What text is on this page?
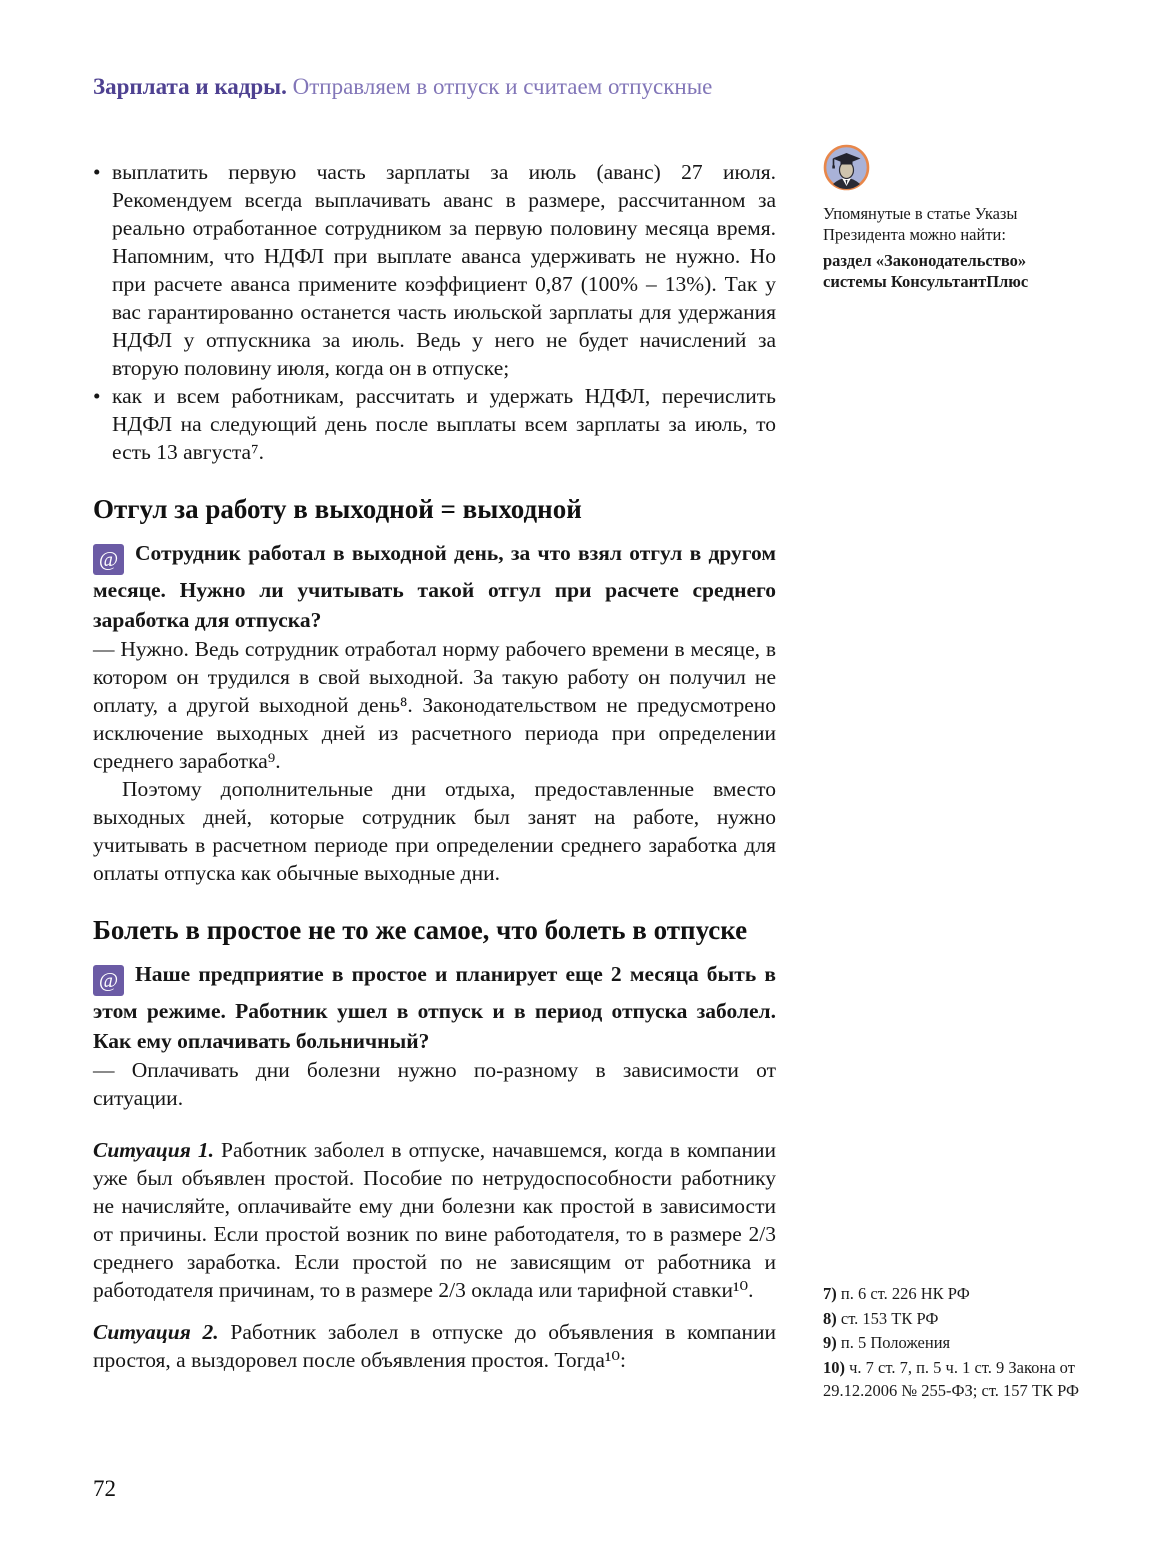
Зарплата и кадры. Отправляем в отпуск и считаем отпускные
Упомянутые в статье Указы Президента можно найти:
раздел «Законодательство» системы КонсультантПлюс
• выплатить первую часть зарплаты за июль (аванс) 27 июля. Рекомендуем всегда выплачивать аванс в размере, рассчитанном за реально отработанное сотрудником за первую половину месяца время. Напомним, что НДФЛ при выплате аванса удерживать не нужно. Но при расчете аванса примените коэффициент 0,87 (100% – 13%). Так у вас гарантированно останется часть июльской зарплаты для удержания НДФЛ у отпускника за июль. Ведь у него не будет начислений за вторую половину июля, когда он в отпуске;
• как и всем работникам, рассчитать и удержать НДФЛ, перечислить НДФЛ на следующий день после выплаты всем зарплаты за июль, то есть 13 августа⁷.
Отгул за работу в выходной = выходной

@ Сотрудник работал в выходной день, за что взял отгул в другом месяце. Нужно ли учитывать такой отгул при расчете среднего заработка для отпуска?

— Нужно. Ведь сотрудник отработал норму рабочего времени в месяце, в котором он трудился в свой выходной. За такую работу он получил не оплату, а другой выходной день⁸. Законодательством не предусмотрено исключение выходных дней из расчетного периода при определении среднего заработка⁹.

Поэтому дополнительные дни отдыха, предоставленные вместо выходных дней, которые сотрудник был занят на работе, нужно учитывать в расчетном периоде при определении среднего заработка для оплаты отпуска как обычные выходные дни.

Болеть в простое не то же самое, что болеть в отпуске

@ Наше предприятие в простое и планирует еще 2 месяца быть в этом режиме. Работник ушел в отпуск и в период отпуска заболел. Как ему оплачивать больничный?

— Оплачивать дни болезни нужно по-разному в зависимости от ситуации.

Ситуация 1. Работник заболел в отпуске, начавшемся, когда в компании уже был объявлен простой. Пособие по нетрудоспособности работнику не начисляйте, оплачивайте ему дни болезни как простой в зависимости от причины. Если простой возник по вине работодателя, то в размере 2/3 среднего заработка. Если простой по не зависящим от работника и работодателя причинам, то в размере 2/3 оклада или тарифной ставки¹⁰.

Ситуация 2. Работник заболел в отпуске до объявления в компании простоя, а выздоровел после объявления простоя. Тогда¹⁰:

7) п. 6 ст. 226 НК РФ

8) ст. 153 ТК РФ

9) п. 5 Положения

10) ч. 7 ст. 7, п. 5 ч. 1 ст. 9 Закона от 29.12.2006 № 255-ФЗ; ст. 157 ТК РФ

72
